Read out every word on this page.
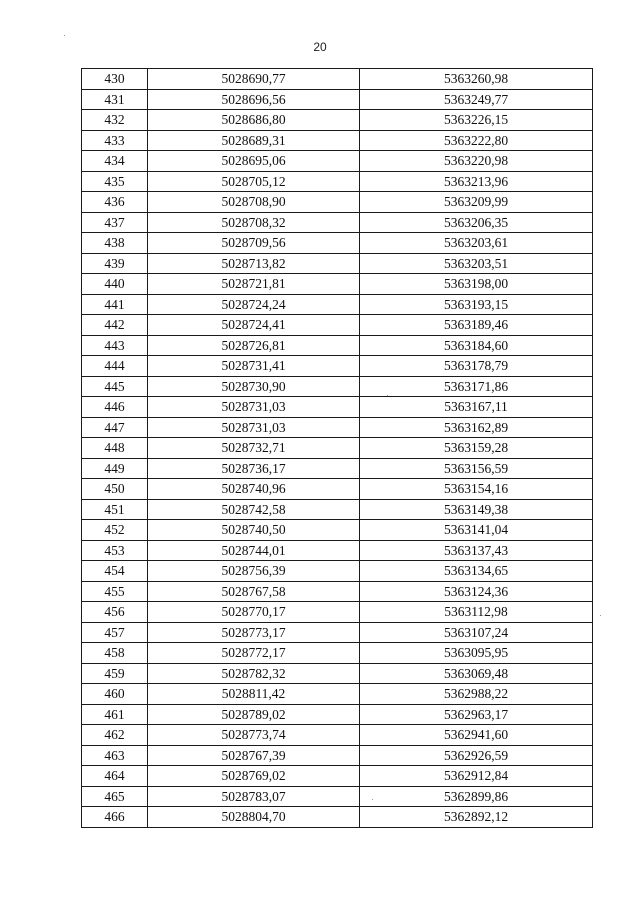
20
430	5028690,77	5363260,98
431	5028696,56	5363249,77
432	5028686,80	5363226,15
433	5028689,31	5363222,80
434	5028695,06	5363220,98
435	5028705,12	5363213,96
436	5028708,90	5363209,99
437	5028708,32	5363206,35
438	5028709,56	5363203,61
439	5028713,82	5363203,51
440	5028721,81	5363198,00
441	5028724,24	5363193,15
442	5028724,41	5363189,46
443	5028726,81	5363184,60
444	5028731,41	5363178,79
445	5028730,90	5363171,86
446	5028731,03	5363167,11
447	5028731,03	5363162,89
448	5028732,71	5363159,28
449	5028736,17	5363156,59
450	5028740,96	5363154,16
451	5028742,58	5363149,38
452	5028740,50	5363141,04
453	5028744,01	5363137,43
454	5028756,39	5363134,65
455	5028767,58	5363124,36
456	5028770,17	5363112,98
457	5028773,17	5363107,24
458	5028772,17	5363095,95
459	5028782,32	5363069,48
460	5028811,42	5362988,22
461	5028789,02	5362963,17
462	5028773,74	5362941,60
463	5028767,39	5362926,59
464	5028769,02	5362912,84
465	5028783,07	5362899,86
466	5028804,70	5362892,12
